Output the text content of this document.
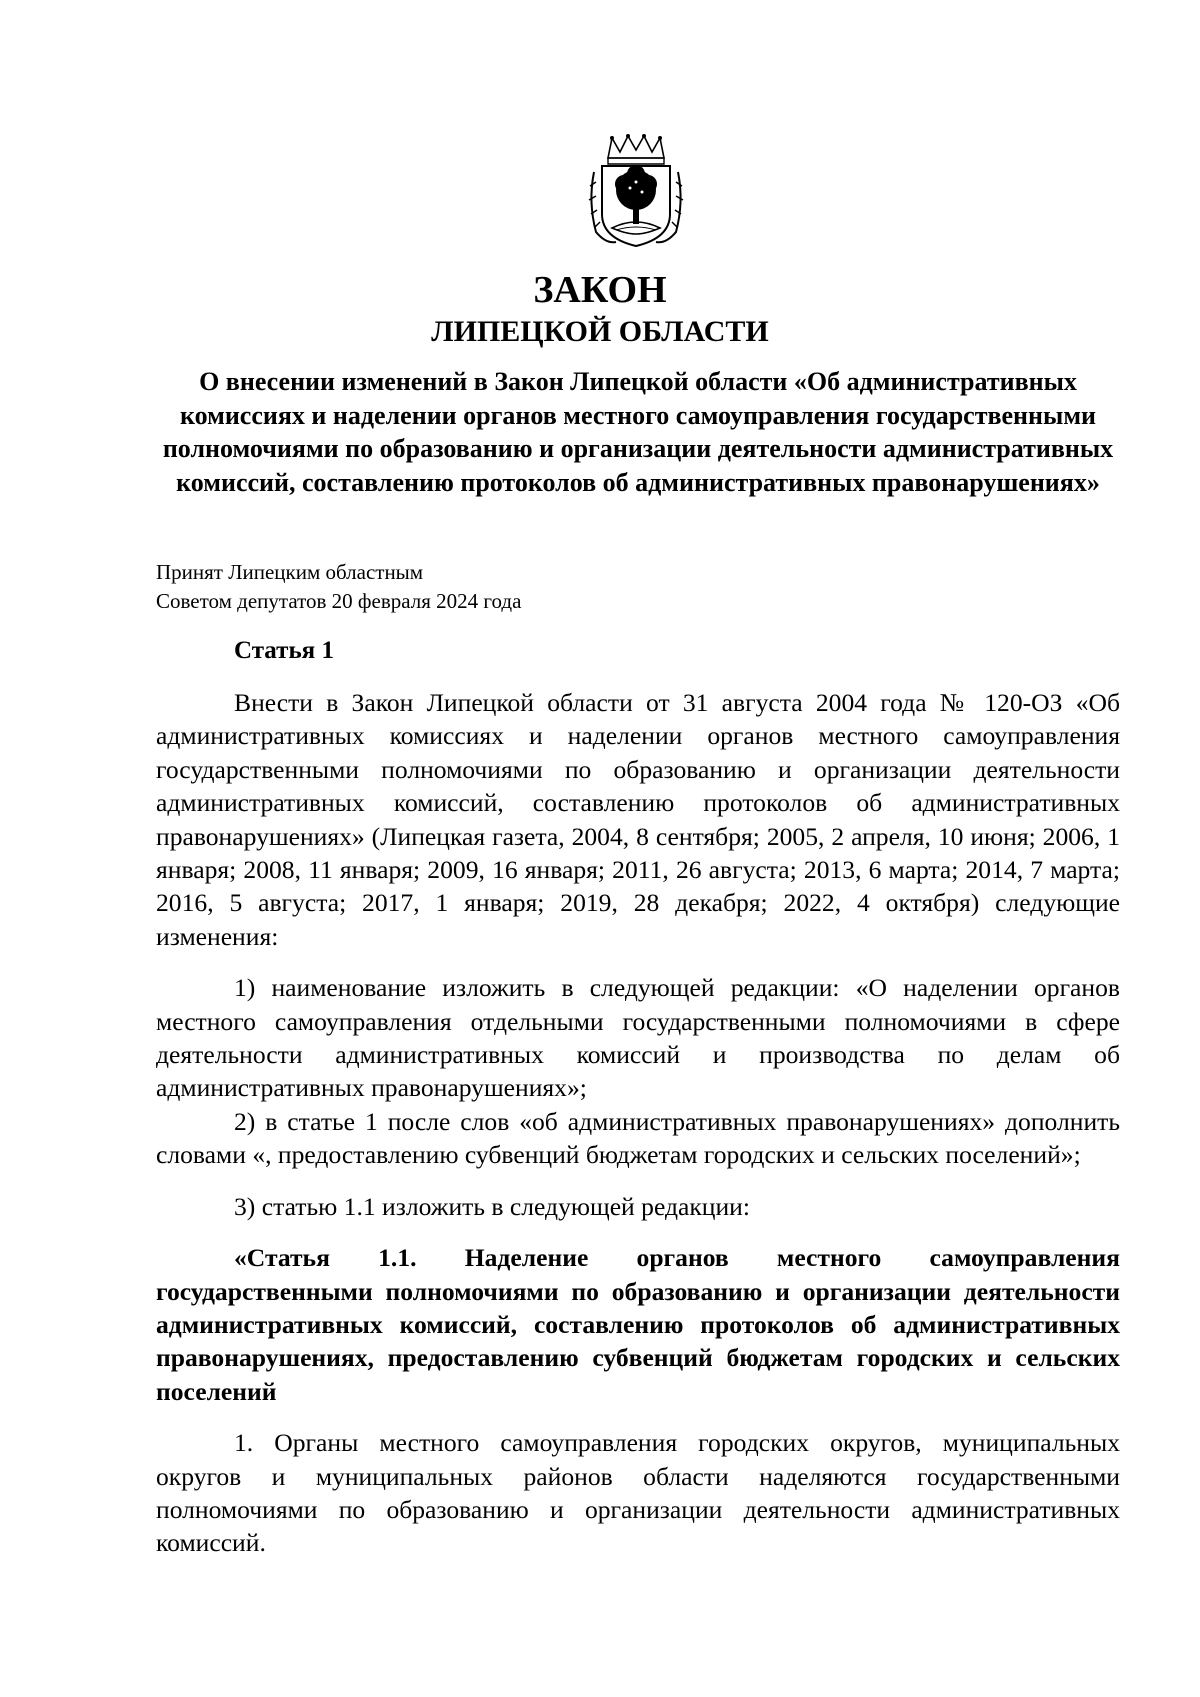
ЗАКОН
ЛИПЕЦКОЙ ОБЛАСТИ
О внесении изменений в Закон Липецкой области «Об административных комиссиях и наделении органов местного самоуправления государственными полномочиями по образованию и организации деятельности административных комиссий, составлению протоколов об административных правонарушениях»
Принят Липецким областным
Советом депутатов 20 февраля 2024 года
Статья 1

Внести в Закон Липецкой области от 31 августа 2004 года № 120-ОЗ «Об административных комиссиях и наделении органов местного самоуправления государственными полномочиями по образованию и организации деятельности административных комиссий, составлению протоколов об административных правонарушениях» (Липецкая газета, 2004, 8 сентября; 2005, 2 апреля, 10 июня; 2006, 1 января; 2008, 11 января; 2009, 16 января; 2011, 26 августа; 2013, 6 марта; 2014, 7 марта; 2016, 5 августа; 2017, 1 января; 2019, 28 декабря; 2022, 4 октября) следующие изменения:

1) наименование изложить в следующей редакции: «О наделении органов местного самоуправления отдельными государственными полномочиями в сфере деятельности административных комиссий и производства по делам об административных правонарушениях»;

2) в статье 1 после слов «об административных правонарушениях» дополнить словами «, предоставлению субвенций бюджетам городских и сельских поселений»;

3) статью 1.1 изложить в следующей редакции:

«Статья 1.1. Наделение органов местного самоуправления государственными полномочиями по образованию и организации деятельности административных комиссий, составлению протоколов об административных правонарушениях, предоставлению субвенций бюджетам городских и сельских поселений

1. Органы местного самоуправления городских округов, муниципальных округов и муниципальных районов области наделяются государственными полномочиями по образованию и организации деятельности административных комиссий.
